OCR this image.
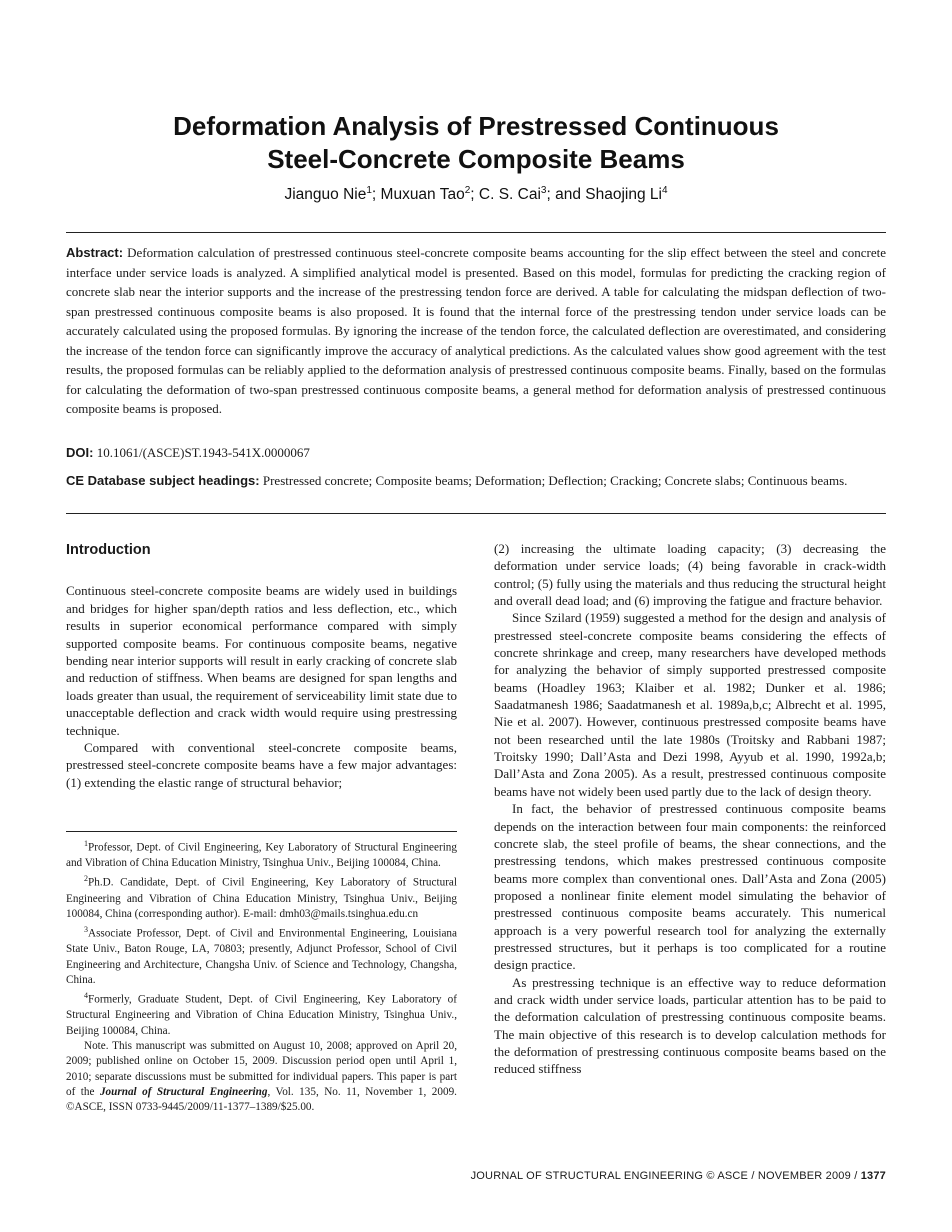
Deformation Analysis of Prestressed Continuous
Steel-Concrete Composite Beams
Jianguo Nie$^1$; Muxuan Tao$^2$; C. S. Cai$^3$; and Shaojing Li$^4$
Abstract: Deformation calculation of prestressed continuous steel-concrete composite beams accounting for the slip effect between the steel and concrete interface under service loads is analyzed. A simplified analytical model is presented. Based on this model, formulas for predicting the cracking region of concrete slab near the interior supports and the increase of the prestressing tendon force are derived. A table for calculating the midspan deflection of two-span prestressed continuous composite beams is also proposed. It is found that the internal force of the prestressing tendon under service loads can be accurately calculated using the proposed formulas. By ignoring the increase of the tendon force, the calculated deflection are overestimated, and considering the increase of the tendon force can significantly improve the accuracy of analytical predictions. As the calculated values show good agreement with the test results, the proposed formulas can be reliably applied to the deformation analysis of prestressed continuous composite beams. Finally, based on the formulas for calculating the deformation of two-span prestressed continuous composite beams, a general method for deformation analysis of prestressed continuous composite beams is proposed.
DOI: 10.1061/(ASCE)ST.1943-541X.0000067
CE Database subject headings: Prestressed concrete; Composite beams; Deformation; Deflection; Cracking; Concrete slabs; Continuous beams.
Introduction

Continuous steel-concrete composite beams are widely used in buildings and bridges for higher span/depth ratios and less deflection, etc., which results in superior economical performance compared with simply supported composite beams. For continuous composite beams, negative bending near interior supports will result in early cracking of concrete slab and reduction of stiffness. When beams are designed for span lengths and loads greater than usual, the requirement of serviceability limit state due to unacceptable deflection and crack width would require using prestressing technique.

Compared with conventional steel-concrete composite beams, prestressed steel-concrete composite beams have a few major advantages: (1) extending the elastic range of structural behavior;

$^1$Professor, Dept. of Civil Engineering, Key Laboratory of Structural Engineering and Vibration of China Education Ministry, Tsinghua Univ., Beijing 100084, China.

$^2$Ph.D. Candidate, Dept. of Civil Engineering, Key Laboratory of Structural Engineering and Vibration of China Education Ministry, Tsinghua Univ., Beijing 100084, China (corresponding author). E-mail: dmh03@mails.tsinghua.edu.cn

$^3$Associate Professor, Dept. of Civil and Environmental Engineering, Louisiana State Univ., Baton Rouge, LA, 70803; presently, Adjunct Professor, School of Civil Engineering and Architecture, Changsha Univ. of Science and Technology, Changsha, China.

$^4$Formerly, Graduate Student, Dept. of Civil Engineering, Key Laboratory of Structural Engineering and Vibration of China Education Ministry, Tsinghua Univ., Beijing 100084, China.

Note. This manuscript was submitted on August 10, 2008; approved on April 20, 2009; published online on October 15, 2009. Discussion period open until April 1, 2010; separate discussions must be submitted for individual papers. This paper is part of the Journal of Structural Engineering, Vol. 135, No. 11, November 1, 2009. ©ASCE, ISSN 0733-9445/2009/11-1377–1389/$25.00.

(2) increasing the ultimate loading capacity; (3) decreasing the deformation under service loads; (4) being favorable in crack-width control; (5) fully using the materials and thus reducing the structural height and overall dead load; and (6) improving the fatigue and fracture behavior.

Since Szilard (1959) suggested a method for the design and analysis of prestressed steel-concrete composite beams considering the effects of concrete shrinkage and creep, many researchers have developed methods for analyzing the behavior of simply supported prestressed composite beams (Hoadley 1963; Klaiber et al. 1982; Dunker et al. 1986; Saadatmanesh 1986; Saadatmanesh et al. 1989a,b,c; Albrecht et al. 1995, Nie et al. 2007). However, continuous prestressed composite beams have not been researched until the late 1980s (Troitsky and Rabbani 1987; Troitsky 1990; Dall’Asta and Dezi 1998, Ayyub et al. 1990, 1992a,b; Dall’Asta and Zona 2005). As a result, prestressed continuous composite beams have not widely been used partly due to the lack of design theory.

In fact, the behavior of prestressed continuous composite beams depends on the interaction between four main components: the reinforced concrete slab, the steel profile of beams, the shear connections, and the prestressing tendons, which makes prestressed continuous composite beams more complex than conventional ones. Dall’Asta and Zona (2005) proposed a nonlinear finite element model simulating the behavior of prestressed continuous composite beams accurately. This numerical approach is a very powerful research tool for analyzing the externally prestressed structures, but it perhaps is too complicated for a routine design practice.

As prestressing technique is an effective way to reduce deformation and crack width under service loads, particular attention has to be paid to the deformation calculation of prestressing continuous composite beams. The main objective of this research is to develop calculation methods for the deformation of prestressing continuous composite beams based on the reduced stiffness

JOURNAL OF STRUCTURAL ENGINEERING © ASCE / NOVEMBER 2009 / 1377
